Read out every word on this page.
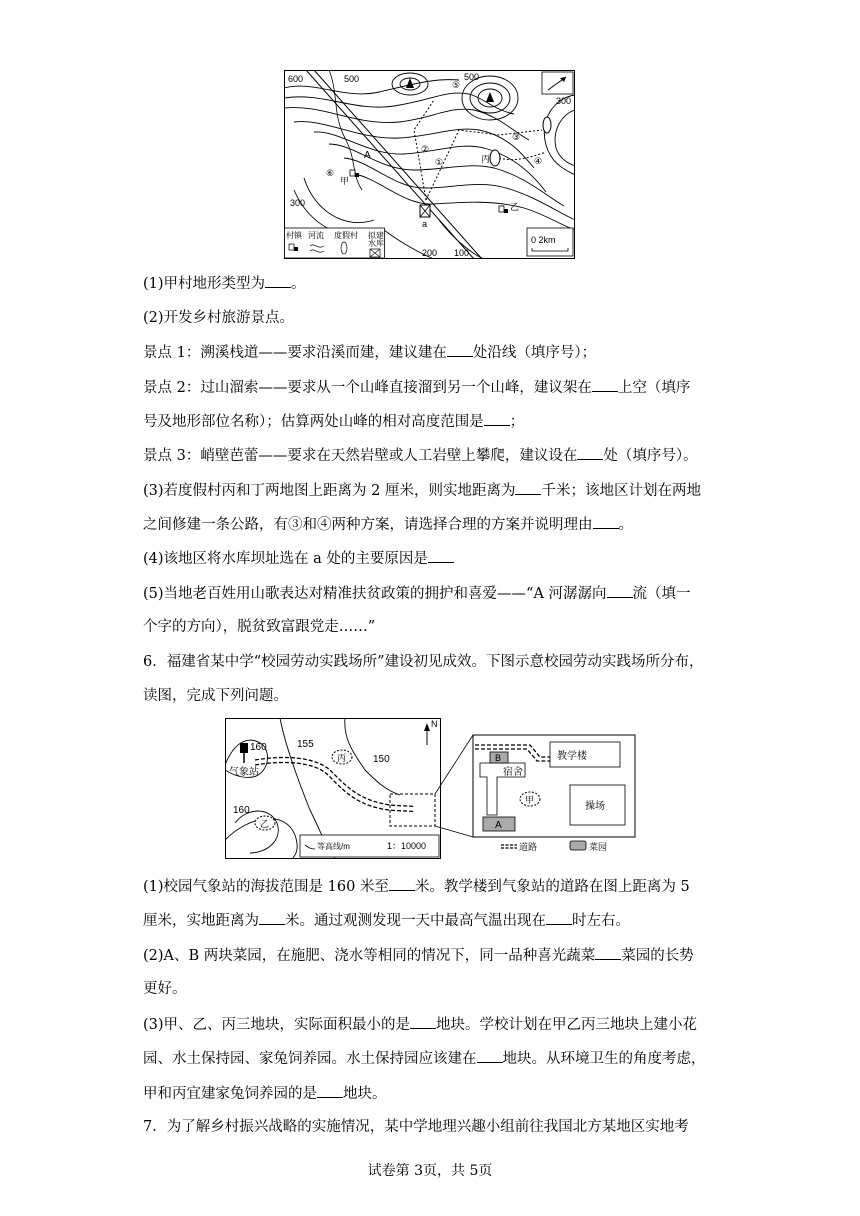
600	500	500
300
300
200 100
⑤
③
②
①	④
⑥
A
甲
丙
乙
a
村镇 河流 度假村 拟建
水库	0 2km
(1)甲村地形类型为 。
(2)开发乡村旅游景点。
景点 1：溯溪栈道——要求沿溪而建，建议建在 处沿线（填序号）；
景点 2：过山溜索——要求从一个山峰直接溜到另一个山峰，建议架在 上空（填序
号及地形部位名称）；估算两处山峰的相对高度范围是 ；
景点 3：峭壁芭蕾——要求在天然岩壁或人工岩壁上攀爬，建议设在 处（填序号）。
(3)若度假村丙和丁两地图上距离为 2 厘米，则实地距离为 千米；该地区计划在两地
之间修建一条公路，有③和④两种方案，请选择合理的方案并说明理由 。
(4)该地区将水库坝址选在 a 处的主要原因是
(5)当地老百姓用山歌表达对精准扶贫政策的拥护和喜爱——“A 河潺潺向 流（填一
个字的方向），脱贫致富跟党走……”
6．福建省某中学“校园劳动实践场所”建设初见成效。下图示意校园劳动实践场所分布，
读图，完成下列问题。
160	155
150
160
气象站
丙
乙
N
等高线/m	1：10000
教学楼
宿舍
操场
甲
B
A
道路	菜园
(1)校园气象站的海拔范围是 160 米至 米。教学楼到气象站的道路在图上距离为 5
厘米，实地距离为 米。通过观测发现一天中最高气温出现在 时左右。
(2)A、B 两块菜园，在施肥、浇水等相同的情况下，同一品种喜光蔬菜 菜园的长势
更好。
(3)甲、乙、丙三地块，实际面积最小的是 地块。学校计划在甲乙丙三地块上建小花
园、水土保持园、家兔饲养园。水土保持园应该建在 地块。从环境卫生的角度考虑，
甲和丙宜建家兔饲养园的是 地块。
7．为了解乡村振兴战略的实施情况，某中学地理兴趣小组前往我国北方某地区实地考
试卷第 3页，共 5页
